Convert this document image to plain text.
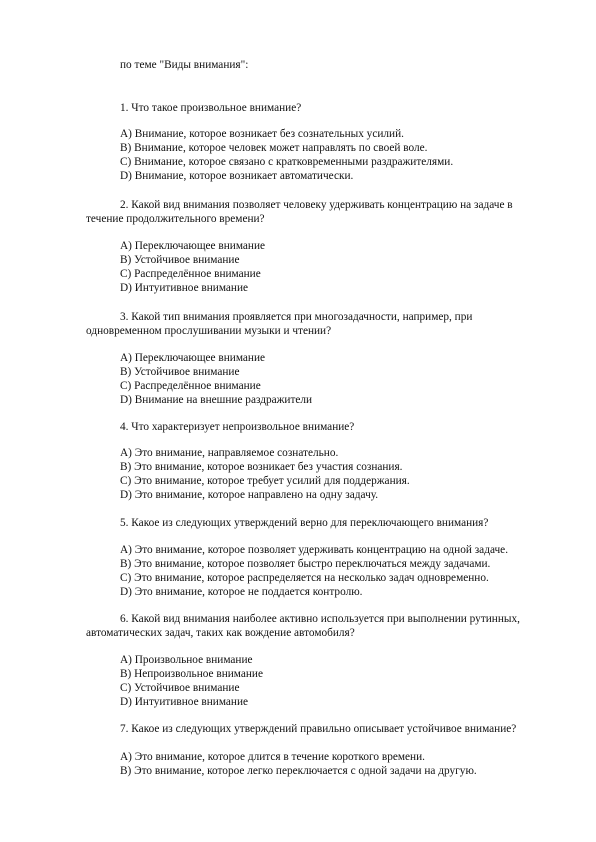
по теме "Виды внимания":
1. Что такое произвольное внимание?
A) Внимание, которое возникает без сознательных усилий.
B) Внимание, которое человек может направлять по своей воле.
C) Внимание, которое связано с кратковременными раздражителями.
D) Внимание, которое возникает автоматически.
2. Какой вид внимания позволяет человеку удерживать концентрацию на задаче в
течение продолжительного времени?
A) Переключающее внимание
B) Устойчивое внимание
C) Распределённое внимание
D) Интуитивное внимание
3. Какой тип внимания проявляется при многозадачности, например, при
одновременном прослушивании музыки и чтении?
A) Переключающее внимание
B) Устойчивое внимание
C) Распределённое внимание
D) Внимание на внешние раздражители
4. Что характеризует непроизвольное внимание?
A) Это внимание, направляемое сознательно.
B) Это внимание, которое возникает без участия сознания.
C) Это внимание, которое требует усилий для поддержания.
D) Это внимание, которое направлено на одну задачу.
5. Какое из следующих утверждений верно для переключающего внимания?
A) Это внимание, которое позволяет удерживать концентрацию на одной задаче.
B) Это внимание, которое позволяет быстро переключаться между задачами.
C) Это внимание, которое распределяется на несколько задач одновременно.
D) Это внимание, которое не поддается контролю.
6. Какой вид внимания наиболее активно используется при выполнении рутинных,
автоматических задач, таких как вождение автомобиля?
A) Произвольное внимание
B) Непроизвольное внимание
C) Устойчивое внимание
D) Интуитивное внимание
7. Какое из следующих утверждений правильно описывает устойчивое внимание?
A) Это внимание, которое длится в течение короткого времени.
B) Это внимание, которое легко переключается с одной задачи на другую.
